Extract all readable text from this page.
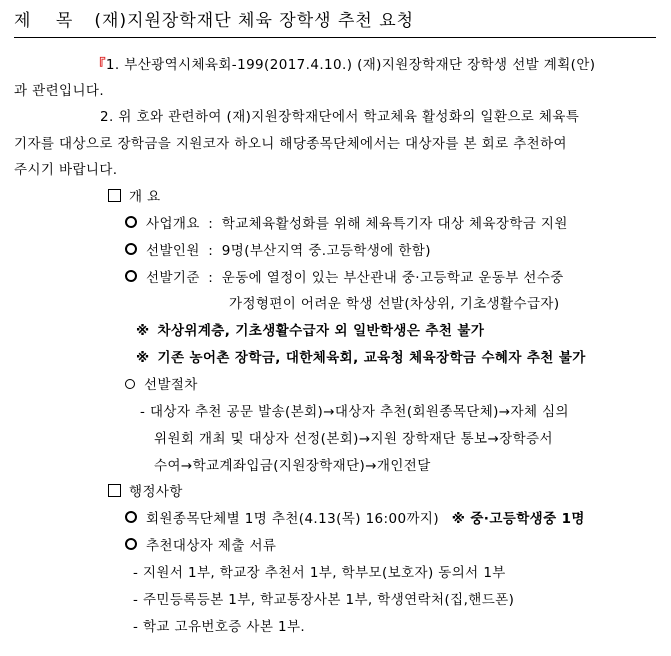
제 목 (재)지원장학재단 체육 장학생 추천 요청
『1. 부산광역시체육회-199(2017.4.10.) (재)지원장학재단 장학생 선발 계획(안)
과 관련입니다.
2. 위 호와 관련하여 (재)지원장학재단에서 학교체육 활성화의 일환으로 체육특
기자를 대상으로 장학금을 지원코자 하오니 해당종목단체에서는 대상자를 본 회로 추천하여
주시기 바랍니다.
개 요
사업개요 : 학교체육활성화를 위해 체육특기자 대상 체육장학금 지원
선발인원 : 9명(부산지역 중.고등학생에 한함)
선발기준 : 운동에 열정이 있는 부산관내 중·고등학교 운동부 선수중
가정형편이 어려운 학생 선발(차상위, 기초생활수급자)
※ 차상위계층, 기초생활수급자 외 일반학생은 추천 불가
※ 기존 농어촌 장학금, 대한체육회, 교육청 체육장학금 수혜자 추천 불가
선발절차
- 대상자 추천 공문 발송(본회)→대상자 추천(회원종목단체)→자체 심의
위원회 개최 및 대상자 선정(본회)→지원 장학재단 통보→장학증서
수여→학교계좌입금(지원장학재단)→개인전달
행정사항
회원종목단체별 1명 추천(4.13(목) 16:00까지) ※ 중·고등학생중 1명
추천대상자 제출 서류
- 지원서 1부, 학교장 추천서 1부, 학부모(보호자) 동의서 1부
- 주민등록등본 1부, 학교통장사본 1부, 학생연락처(집,핸드폰)
- 학교 고유번호증 사본 1부.
